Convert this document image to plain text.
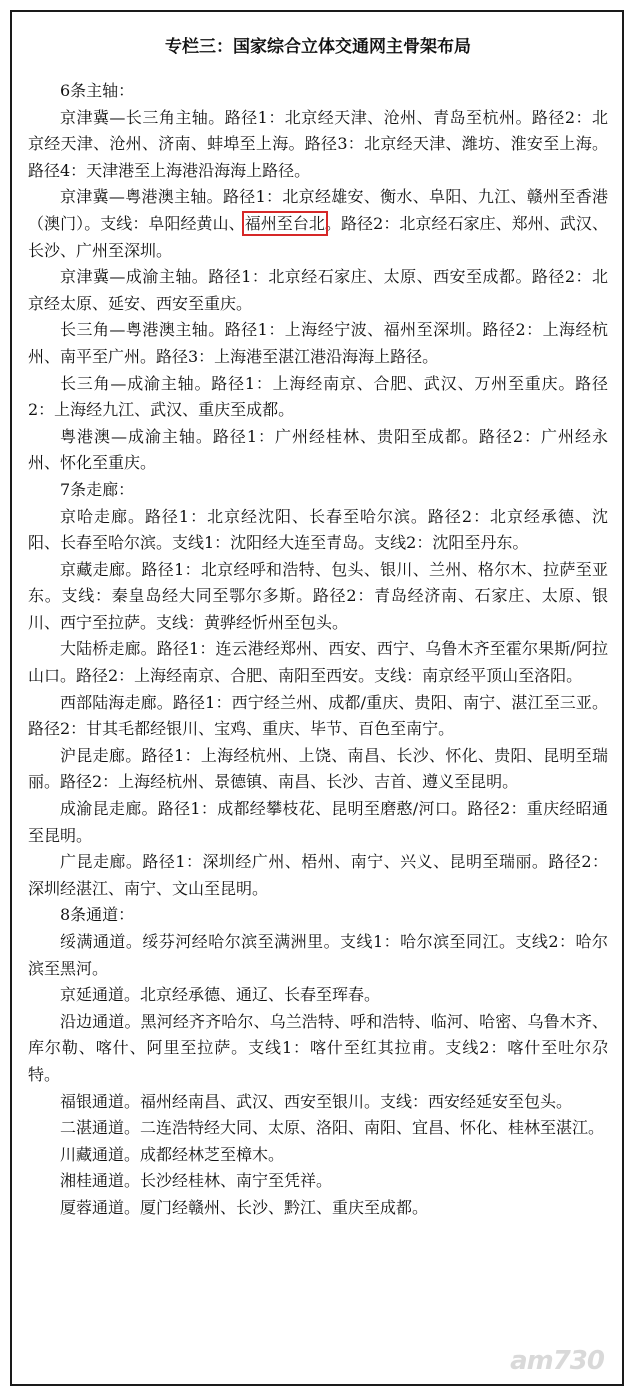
专栏三：国家综合立体交通网主骨架布局

6条主轴：

京津冀—长三角主轴。路径1：北京经天津、沧州、青岛至杭州。路径2：北京经天津、沧州、济南、蚌埠至上海。路径3：北京经天津、潍坊、淮安至上海。路径4：天津港至上海港沿海海上路径。

京津冀—粤港澳主轴。路径1：北京经雄安、衡水、阜阳、九江、赣州至香港（澳门）。支线：阜阳经黄山、福州至台北。路径2：北京经石家庄、郑州、武汉、长沙、广州至深圳。

京津冀—成渝主轴。路径1：北京经石家庄、太原、西安至成都。路径2：北京经太原、延安、西安至重庆。

长三角—粤港澳主轴。路径1：上海经宁波、福州至深圳。路径2：上海经杭州、南平至广州。路径3：上海港至湛江港沿海海上路径。

长三角—成渝主轴。路径1：上海经南京、合肥、武汉、万州至重庆。路径2：上海经九江、武汉、重庆至成都。

粤港澳—成渝主轴。路径1：广州经桂林、贵阳至成都。路径2：广州经永州、怀化至重庆。

7条走廊：

京哈走廊。路径1：北京经沈阳、长春至哈尔滨。路径2：北京经承德、沈阳、长春至哈尔滨。支线1：沈阳经大连至青岛。支线2：沈阳至丹东。

京藏走廊。路径1：北京经呼和浩特、包头、银川、兰州、格尔木、拉萨至亚东。支线：秦皇岛经大同至鄂尔多斯。路径2：青岛经济南、石家庄、太原、银川、西宁至拉萨。支线：黄骅经忻州至包头。

大陆桥走廊。路径1：连云港经郑州、西安、西宁、乌鲁木齐至霍尔果斯/阿拉山口。路径2：上海经南京、合肥、南阳至西安。支线：南京经平顶山至洛阳。

西部陆海走廊。路径1：西宁经兰州、成都/重庆、贵阳、南宁、湛江至三亚。路径2：甘其毛都经银川、宝鸡、重庆、毕节、百色至南宁。

沪昆走廊。路径1：上海经杭州、上饶、南昌、长沙、怀化、贵阳、昆明至瑞丽。路径2：上海经杭州、景德镇、南昌、长沙、吉首、遵义至昆明。

成渝昆走廊。路径1：成都经攀枝花、昆明至磨憨/河口。路径2：重庆经昭通至昆明。

广昆走廊。路径1：深圳经广州、梧州、南宁、兴义、昆明至瑞丽。路径2：深圳经湛江、南宁、文山至昆明。

8条通道：

绥满通道。绥芬河经哈尔滨至满洲里。支线1：哈尔滨至同江。支线2：哈尔滨至黑河。

京延通道。北京经承德、通辽、长春至珲春。

沿边通道。黑河经齐齐哈尔、乌兰浩特、呼和浩特、临河、哈密、乌鲁木齐、库尔勒、喀什、阿里至拉萨。支线1：喀什至红其拉甫。支线2：喀什至吐尔尕特。

福银通道。福州经南昌、武汉、西安至银川。支线：西安经延安至包头。

二湛通道。二连浩特经大同、太原、洛阳、南阳、宜昌、怀化、桂林至湛江。

川藏通道。成都经林芝至樟木。

湘桂通道。长沙经桂林、南宁至凭祥。

厦蓉通道。厦门经赣州、长沙、黔江、重庆至成都。

am730
